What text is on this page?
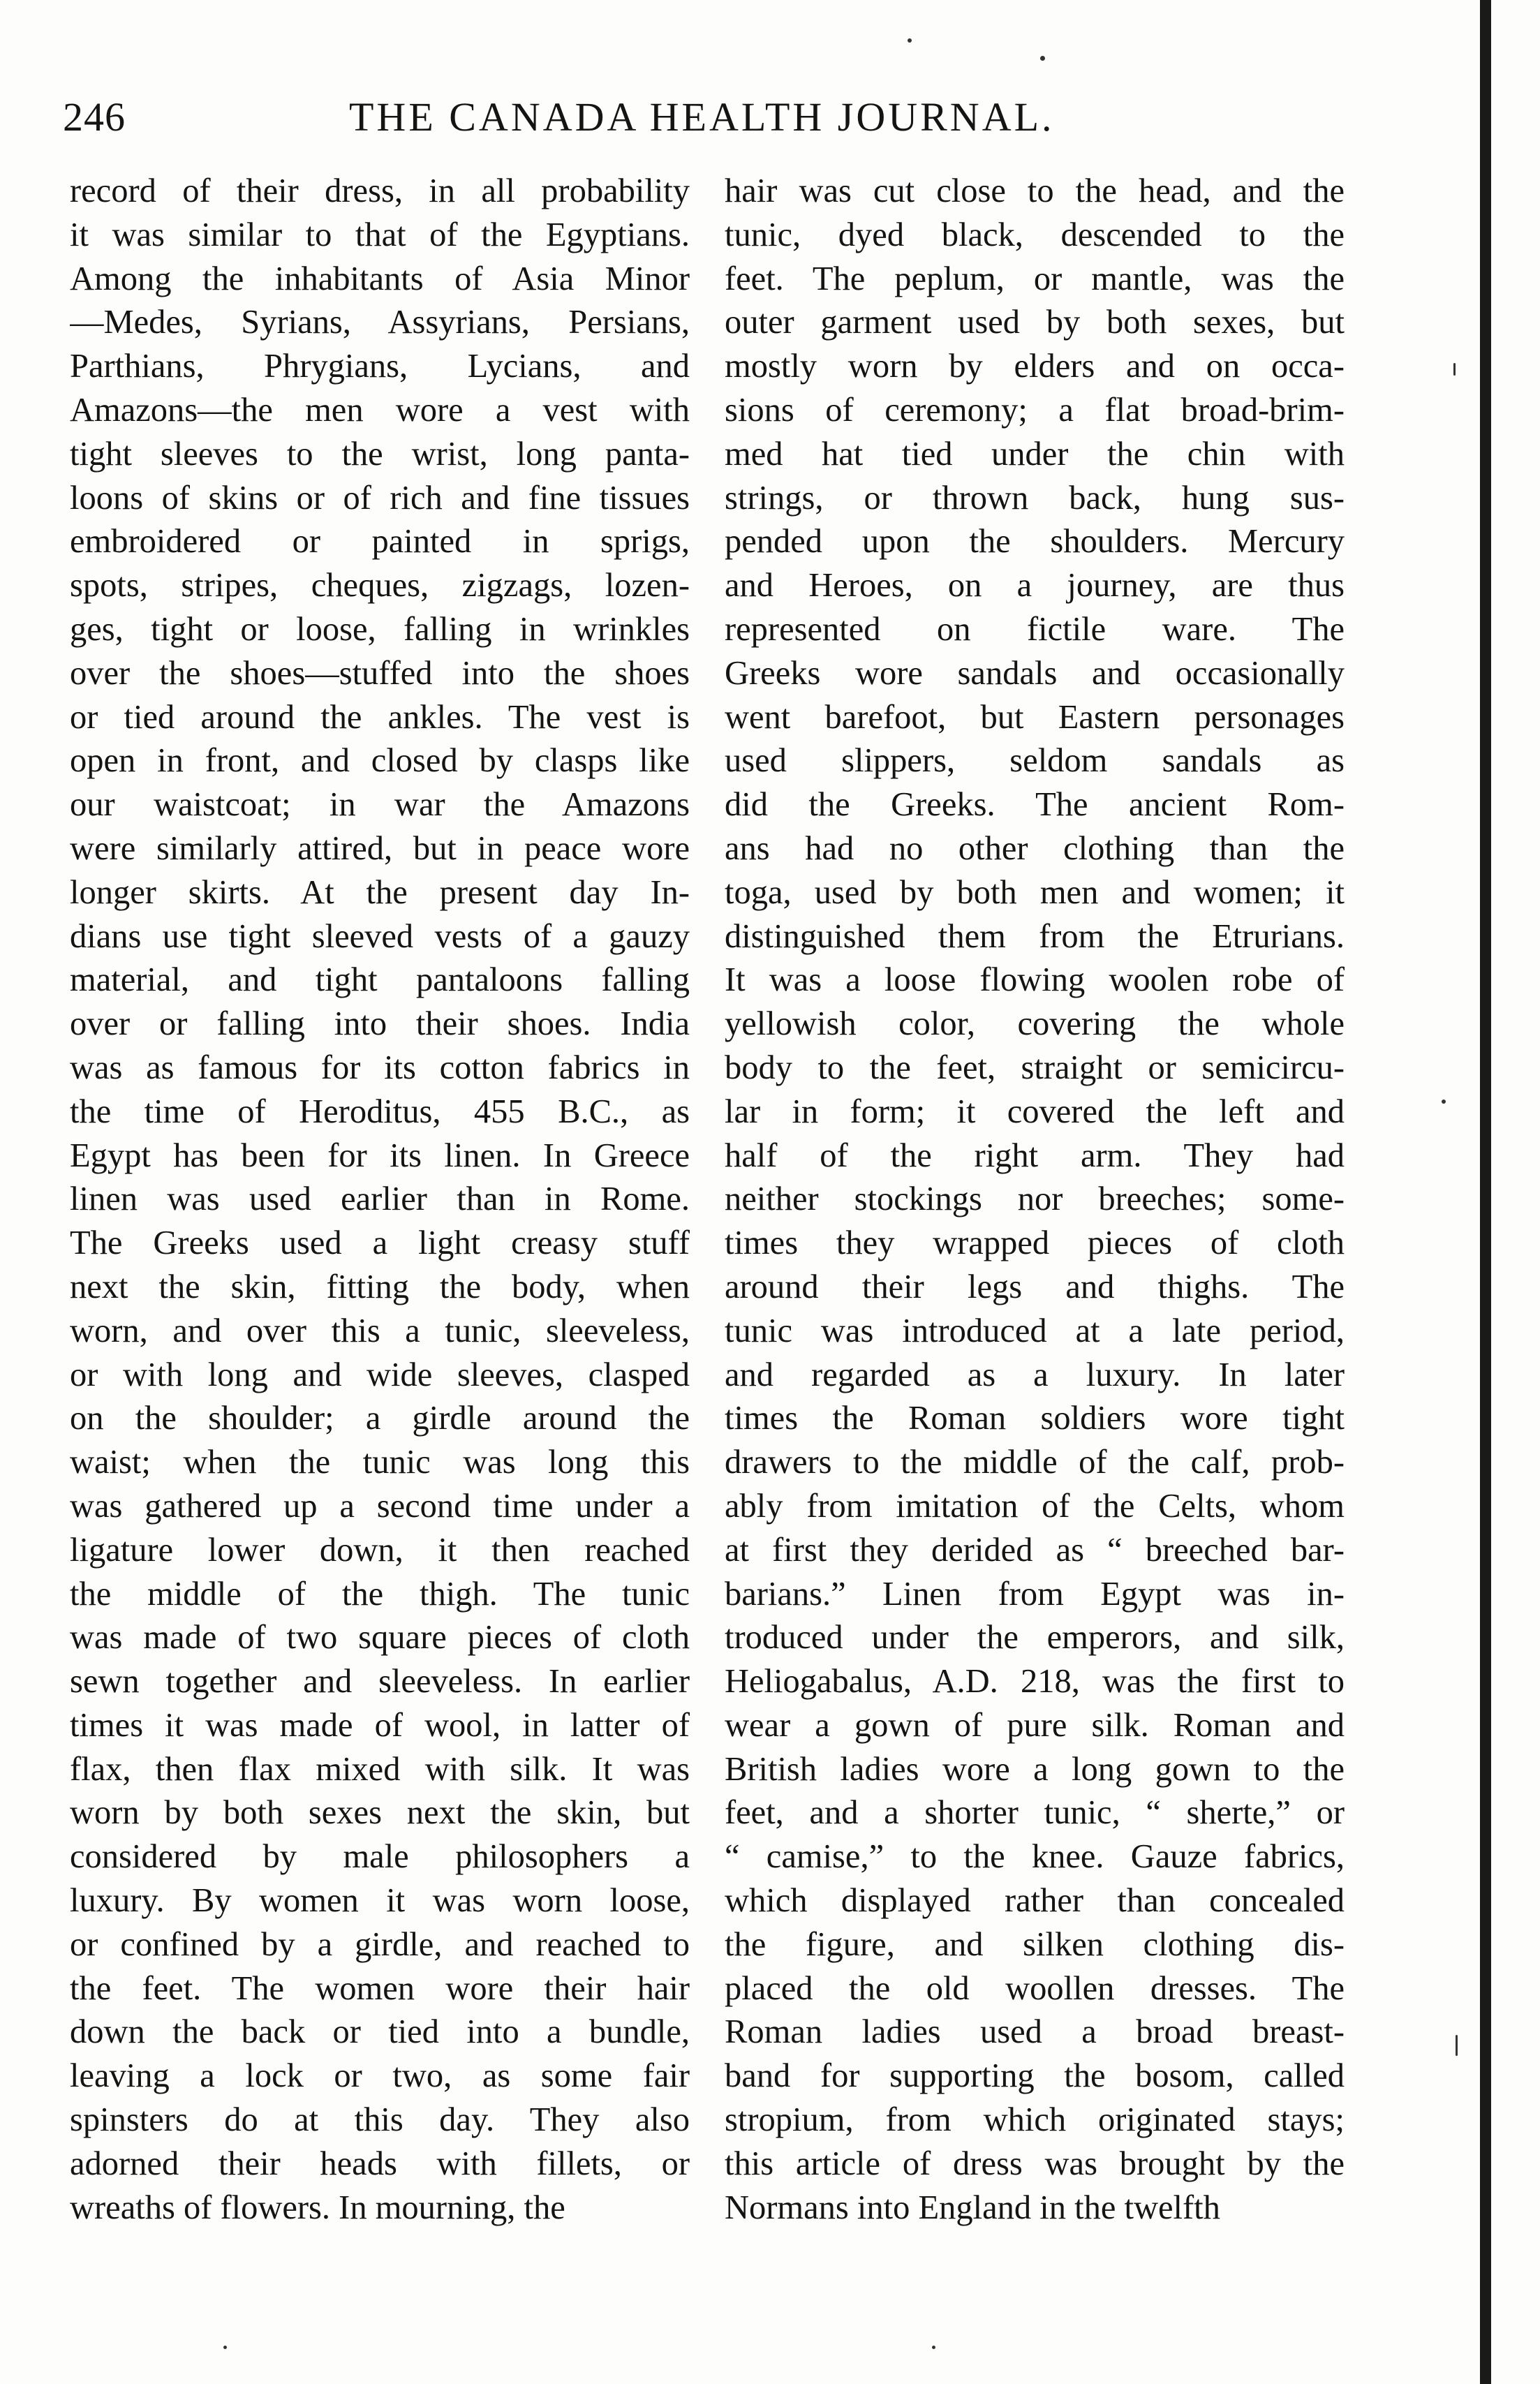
246	THE CANADA HEALTH JOURNAL.
record of their dress, in all probability
it was similar to that of the Egyptians.
Among the inhabitants of Asia Minor
—Medes, Syrians, Assyrians, Persians,
Parthians, Phrygians, Lycians, and
Amazons—the men wore a vest with
tight sleeves to the wrist, long panta-
loons of skins or of rich and fine tissues
embroidered or painted in sprigs,
spots, stripes, cheques, zigzags, lozen-
ges, tight or loose, falling in wrinkles
over the shoes—stuffed into the shoes
or tied around the ankles. The vest is
open in front, and closed by clasps like
our waistcoat; in war the Amazons
were similarly attired, but in peace wore
longer skirts. At the present day In-
dians use tight sleeved vests of a gauzy
material, and tight pantaloons falling
over or falling into their shoes. India
was as famous for its cotton fabrics in
the time of Heroditus, 455 B.C., as
Egypt has been for its linen. In Greece
linen was used earlier than in Rome.
The Greeks used a light creasy stuff
next the skin, fitting the body, when
worn, and over this a tunic, sleeveless,
or with long and wide sleeves, clasped
on the shoulder; a girdle around the
waist; when the tunic was long this
was gathered up a second time under a
ligature lower down, it then reached
the middle of the thigh. The tunic
was made of two square pieces of cloth
sewn together and sleeveless. In earlier
times it was made of wool, in latter of
flax, then flax mixed with silk. It was
worn by both sexes next the skin, but
considered by male philosophers a
luxury. By women it was worn loose,
or confined by a girdle, and reached to
the feet. The women wore their hair
down the back or tied into a bundle,
leaving a lock or two, as some fair
spinsters do at this day. They also
adorned their heads with fillets, or
wreaths of flowers. In mourning, the
hair was cut close to the head, and the
tunic, dyed black, descended to the
feet. The peplum, or mantle, was the
outer garment used by both sexes, but
mostly worn by elders and on occa-
sions of ceremony; a flat broad-brim-
med hat tied under the chin with
strings, or thrown back, hung sus-
pended upon the shoulders. Mercury
and Heroes, on a journey, are thus
represented on fictile ware. The
Greeks wore sandals and occasionally
went barefoot, but Eastern personages
used slippers, seldom sandals as
did the Greeks. The ancient Rom-
ans had no other clothing than the
toga, used by both men and women; it
distinguished them from the Etrurians.
It was a loose flowing woolen robe of
yellowish color, covering the whole
body to the feet, straight or semicircu-
lar in form; it covered the left and
half of the right arm. They had
neither stockings nor breeches; some-
times they wrapped pieces of cloth
around their legs and thighs. The
tunic was introduced at a late period,
and regarded as a luxury. In later
times the Roman soldiers wore tight
drawers to the middle of the calf, prob-
ably from imitation of the Celts, whom
at first they derided as “ breeched bar-
barians.” Linen from Egypt was in-
troduced under the emperors, and silk,
Heliogabalus, A.D. 218, was the first to
wear a gown of pure silk. Roman and
British ladies wore a long gown to the
feet, and a shorter tunic, “ sherte,” or
“ camise,” to the knee. Gauze fabrics,
which displayed rather than concealed
the figure, and silken clothing dis-
placed the old woollen dresses. The
Roman ladies used a broad breast-
band for supporting the bosom, called
stropium, from which originated stays;
this article of dress was brought by the
Normans into England in the twelfth
